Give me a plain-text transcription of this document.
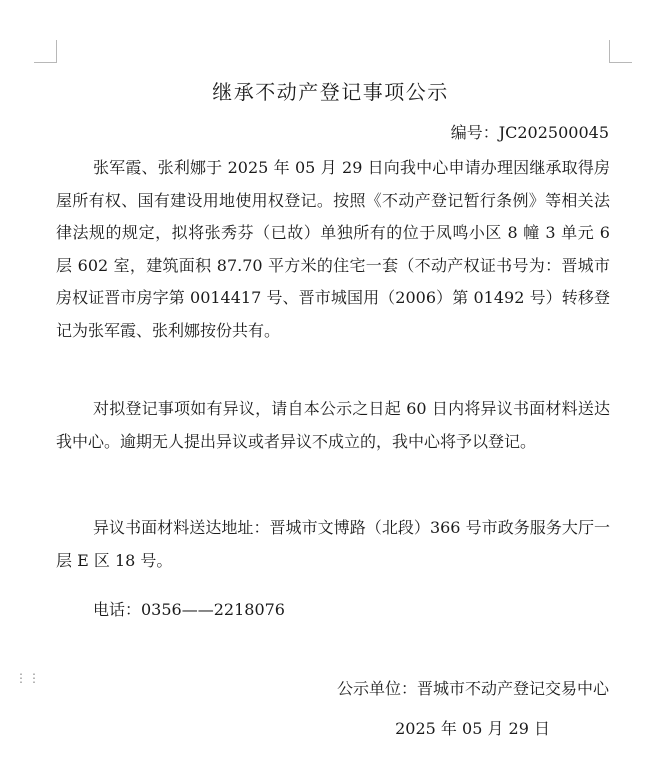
⋮⋮
继承不动产登记事项公示

编号：JC202500045

张军霞、张利娜于 2025 年 05 月 29 日向我中心申请办理因继承取得房屋所有权、国有建设用地使用权登记。按照《不动产登记暂行条例》等相关法律法规的规定，拟将张秀芬（已故）单独所有的位于凤鸣小区 8 幢 3 单元 6 层 602 室，建筑面积 87.70 平方米的住宅一套（不动产权证书号为：晋城市房权证晋市房字第 0014417 号、晋市城国用（2006）第 01492 号）转移登记为张军霞、张利娜按份共有。

对拟登记事项如有异议，请自本公示之日起 60 日内将异议书面材料送达我中心。逾期无人提出异议或者异议不成立的，我中心将予以登记。

异议书面材料送达地址：晋城市文博路（北段）366 号市政务服务大厅一层 E 区 18 号。

电话：0356——2218076

公示单位：晋城市不动产登记交易中心

2025 年 05 月 29 日
